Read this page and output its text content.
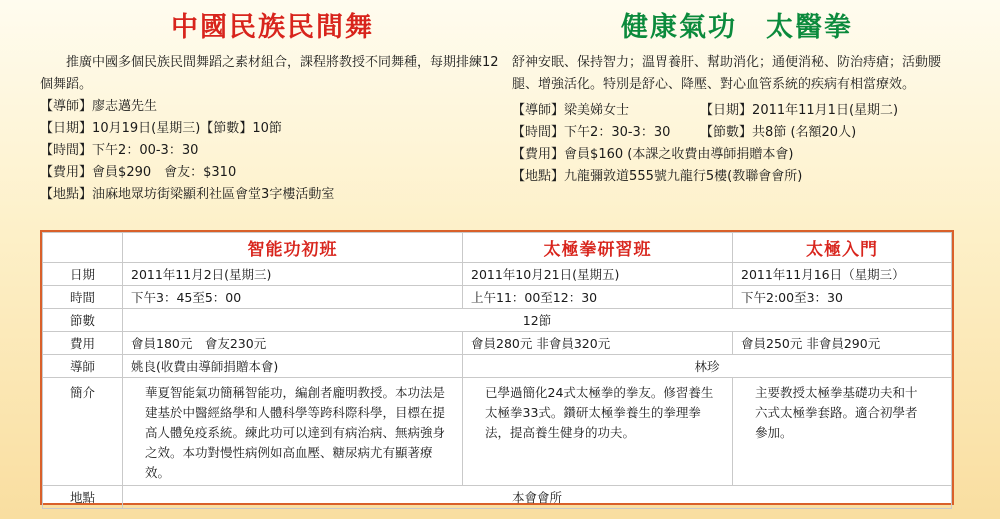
中國民族民間舞
推廣中國多個民族民間舞蹈之素材組合，課程將教授不同舞種，每期排練12個舞蹈。
【導師】廖志邁先生
【日期】10月19日(星期三)【節數】10節
【時間】下午2：00-3：30
【費用】會員$290　會友：$310
【地點】油麻地眾坊街梁顯利社區會堂3字樓活動室
健康氣功　太醫拳
舒神安眠、保持智力；溫胃養肝、幫助消化；通便消秘、防治痔瘡；活動腰腿、增強活化。特別是舒心、降壓、對心血管系統的疾病有相當療效。
【導師】梁美娣女士	【日期】2011年11月1日(星期二)
【時間】下午2：30-3：30	【節數】共8節 (名額20人)
【費用】會員$160 (本課之收費由導師捐贈本會)
【地點】九龍彌敦道555號九龍行5樓(教聯會會所)
	智能功初班	太極拳研習班	太極入門
日期	2011年11月2日(星期三)	2011年10月21日(星期五)	2011年11月16日（星期三）
時間	下午3：45至5：00	上午11：00至12：30	下午2:00至3：30
節數	12節		
費用	會員180元　會友230元	會員280元 非會員320元	會員250元 非會員290元
導師	姚良(收費由導師捐贈本會)	林珍	
簡介	華夏智能氣功簡稱智能功，編創者龐明教授。本功法是建基於中醫經絡學和人體科學等跨科際科學，目標在提高人體免疫系統。練此功可以達到有病治病、無病強身之效。本功對慢性病例如高血壓、糖尿病尤有顯著療效。	已學過簡化24式太極拳的拳友。修習養生太極拳33式。鑽研太極拳養生的拳理拳法，提高養生健身的功夫。	主要教授太極拳基礎功夫和十六式太極拳套路。適合初學者參加。

地點	本會會所		
